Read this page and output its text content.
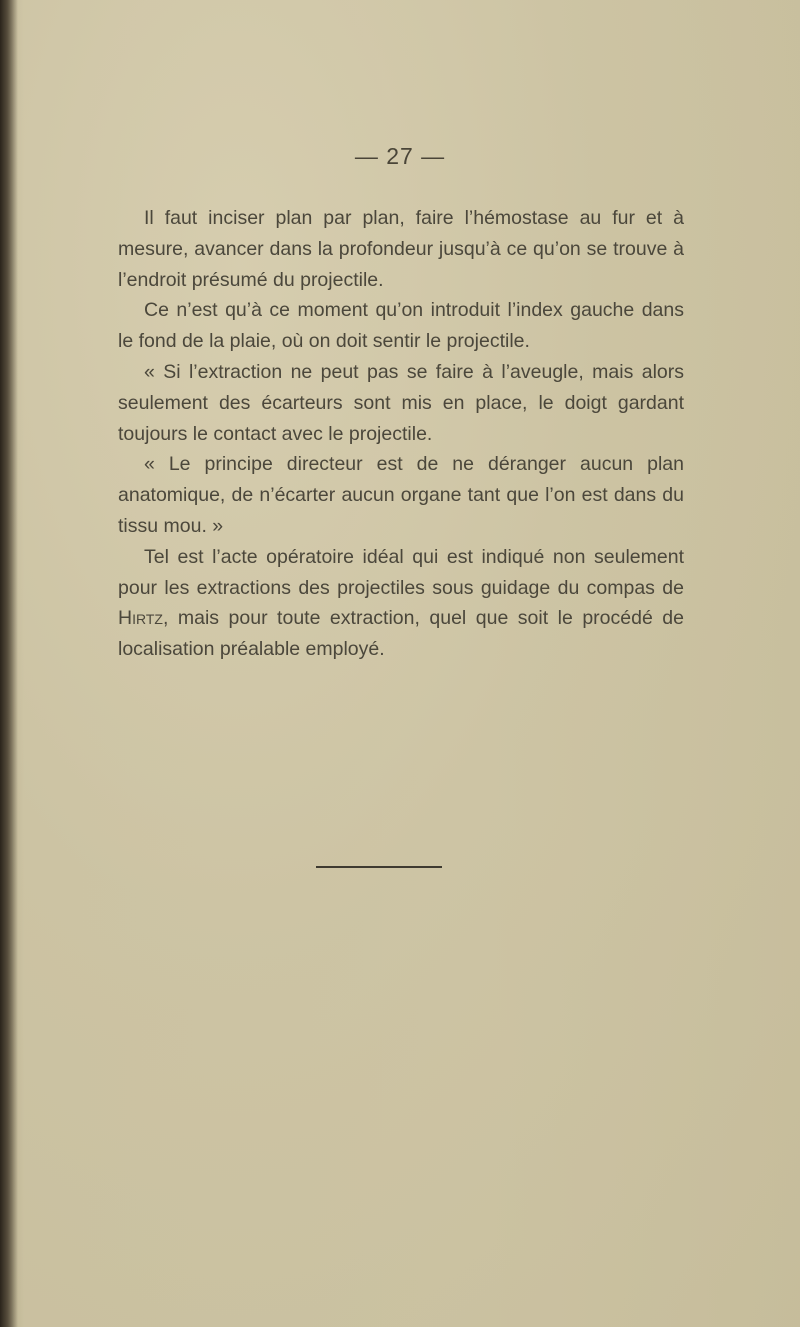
— 27 —

Il faut inciser plan par plan, faire l’hémostase au fur et à mesure, avancer dans la profondeur jusqu’à ce qu’on se trouve à l’endroit présumé du projectile.

Ce n’est qu’à ce moment qu’on introduit l’index gauche dans le fond de la plaie, où on doit sentir le projectile.

« Si l’extraction ne peut pas se faire à l’aveugle, mais alors seulement des écarteurs sont mis en place, le doigt gardant toujours le contact avec le projectile.

« Le principe directeur est de ne déranger aucun plan anatomique, de n’écarter aucun organe tant que l’on est dans du tissu mou. »

Tel est l’acte opératoire idéal qui est indiqué non seulement pour les extractions des projectiles sous guidage du compas de Hirtz, mais pour toute extraction, quel que soit le procédé de localisation préalable employé.
